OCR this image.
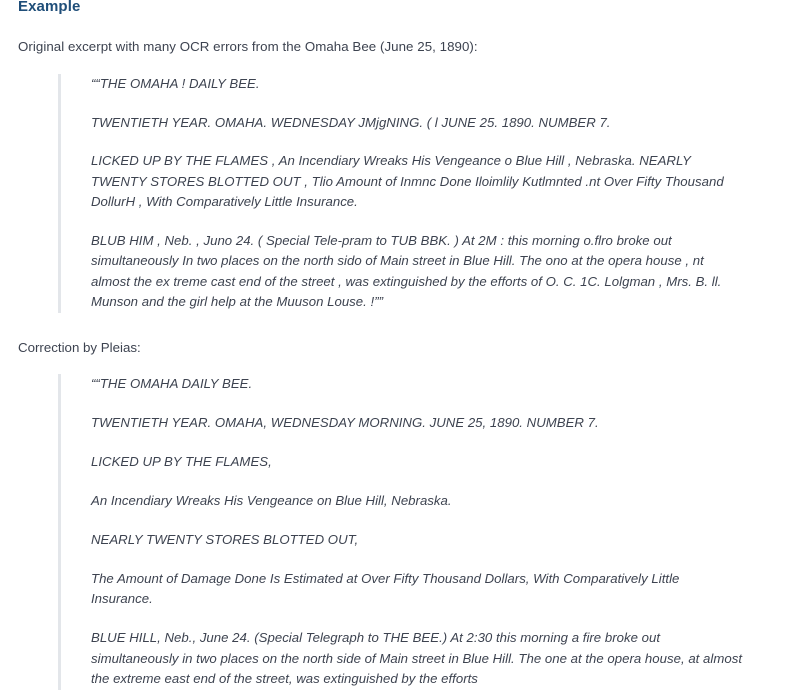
Example

Original excerpt with many OCR errors from the Omaha Bee (June 25, 1890):

““THE OMAHA ! DAILY BEE.

TWENTIETH YEAR. OMAHA. WEDNESDAY JMjgNING. ( l JUNE 25. 1890. NUMBER 7.

LICKED UP BY THE FLAMES , An Incendiary Wreaks His Vengeance o Blue Hill , Nebraska. NEARLY TWENTY STORES BLOTTED OUT , Tlio Amount of Inmnc Done Iloimlily Kutlmnted .nt Over Fifty Thousand DollurH , With Comparatively Little Insurance.

BLUB HIM , Neb. , Juno 24. ( Special Tele-pram to TUB BBK. ) At 2M : this morning o.flro broke out simultaneously In two places on the north sido of Main street in Blue Hill. The ono at the opera house , nt almost the ex treme cast end of the street , was extinguished by the efforts of O. C. 1C. Lolgman , Mrs. B. ll. Munson and the girl help at the Muuson Louse. !””

Correction by Pleias:

““THE OMAHA DAILY BEE.

TWENTIETH YEAR. OMAHA, WEDNESDAY MORNING. JUNE 25, 1890. NUMBER 7.

LICKED UP BY THE FLAMES,

An Incendiary Wreaks His Vengeance on Blue Hill, Nebraska.

NEARLY TWENTY STORES BLOTTED OUT,

The Amount of Damage Done Is Estimated at Over Fifty Thousand Dollars, With Comparatively Little Insurance.

BLUE HILL, Neb., June 24. (Special Telegraph to THE BEE.) At 2:30 this morning a fire broke out simultaneously in two places on the north side of Main street in Blue Hill. The one at the opera house, at almost the extreme east end of the street, was extinguished by the efforts
